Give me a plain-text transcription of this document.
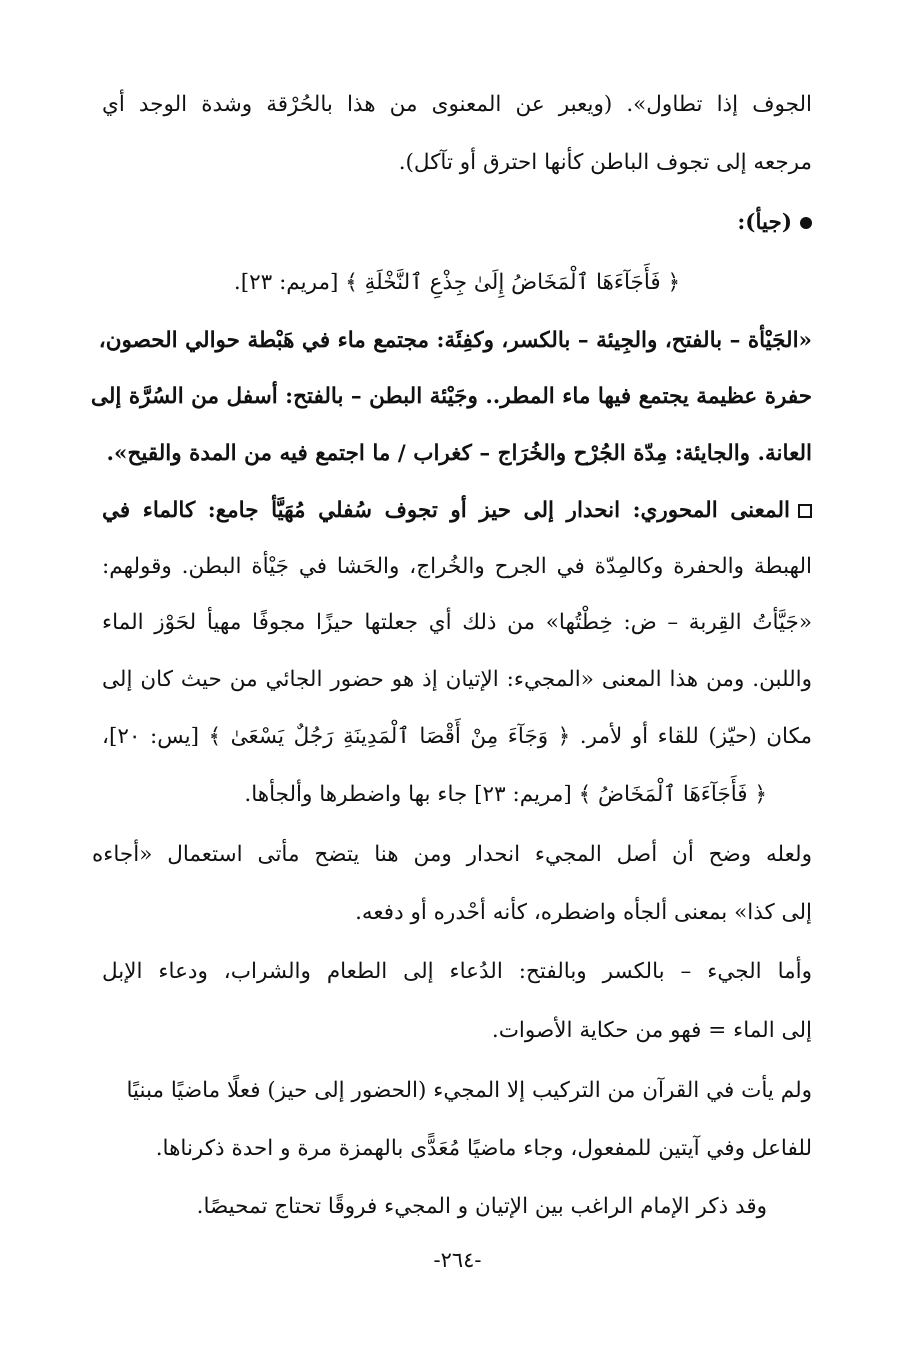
الجوف إذا تطاول». (ويعبر عن المعنوى من هذا بالحُرْقة وشدة الوجد أي
مرجعه إلى تجوف الباطن كأنها احترق أو تآكل).
(جيأ):
﴿ فَأَجَآءَهَا ٱلْمَخَاضُ إِلَىٰ جِذْعِ ٱلنَّخْلَةِ ﴾ [مريم: ٢٣].
«الجَيْأة – بالفتح، والجِيئة – بالكسر، وكفِئَة: مجتمع ماء في هَبْطة حوالي الحصون،
حفرة عظيمة يجتمع فيها ماء المطر.. وجَيْئة البطن – بالفتح: أسفل من السُرَّة إلى
العانة. والجايئة: مِدّة الجُرْح والخُرَاج – كغراب / ما اجتمع فيه من المدة والقيح».
المعنى المحوري: انحدار إلى حيز أو تجوف سُفلي مُهَيَّأ جامع: كالماء في
الهبطة والحفرة وكالمِدّة في الجرح والخُراج، والحَشا في جَيْأة البطن. وقولهم:
«جَيَّأتُ القِربة – ض: خِطْتُها» من ذلك أي جعلتها حيزًا مجوفًا مهيأ لحَوْز الماء
واللبن. ومن هذا المعنى «المجيء: الإتيان إذ هو حضور الجائي من حيث كان إلى
مكان (حيّز) للقاء أو لأمر. ﴿ وَجَآءَ مِنْ أَقْصَا ٱلْمَدِينَةِ رَجُلٌ يَسْعَىٰ ﴾ [يس: ٢٠]،
﴿ فَأَجَآءَهَا ٱلْمَخَاضُ ﴾ [مريم: ٢٣] جاء بها واضطرها وألجأها.
ولعله وضح أن أصل المجيء انحدار ومن هنا يتضح مأتى استعمال «أجاءه
إلى كذا» بمعنى ألجأه واضطره، كأنه أحْدره أو دفعه.
وأما الجيء – بالكسر وبالفتح: الدُعاء إلى الطعام والشراب، ودعاء الإبل
إلى الماء = فهو من حكاية الأصوات.
ولم يأت في القرآن من التركيب إلا المجيء (الحضور إلى حيز) فعلًا ماضيًا مبنيًا
للفاعل وفي آيتين للمفعول، وجاء ماضيًا مُعَدًّى بالهمزة مرة و احدة ذكرناها.
وقد ذكر الإمام الراغب بين الإتيان و المجيء فروقًا تحتاج تمحيصًا.
-٢٦٤-
